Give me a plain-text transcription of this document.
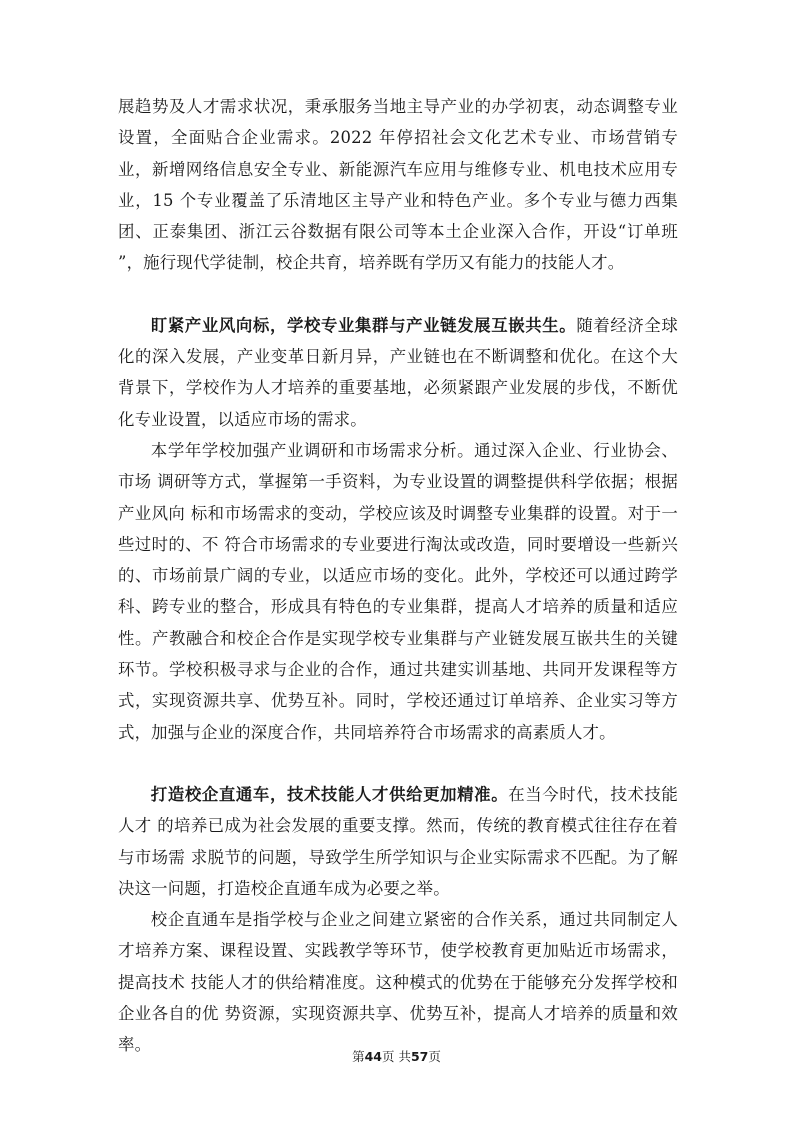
展趋势及人才需求状况，秉承服务当地主导产业的办学初衷，动态调整专业设置，全面贴合企业需求。2022 年停招社会文化艺术专业、市场营销专业，新增网络信息安全专业、新能源汽车应用与维修专业、机电技术应用专业，15 个专业覆盖了乐清地区主导产业和特色产业。多个专业与德力西集团、正泰集团、浙江云谷数据有限公司等本土企业深入合作，开设“订单班 ”，施行现代学徒制，校企共育，培养既有学历又有能力的技能人才。

盯紧产业风向标，学校专业集群与产业链发展互嵌共生。随着经济全球化的深入发展，产业变革日新月异，产业链也在不断调整和优化。在这个大背景下，学校作为人才培养的重要基地，必须紧跟产业发展的步伐，不断优化专业设置，以适应市场的需求。

本学年学校加强产业调研和市场需求分析。通过深入企业、行业协会、市场 调研等方式，掌握第一手资料，为专业设置的调整提供科学依据；根据产业风向 标和市场需求的变动，学校应该及时调整专业集群的设置。对于一些过时的、不 符合市场需求的专业要进行淘汰或改造，同时要增设一些新兴的、市场前景广阔的专业，以适应市场的变化。此外，学校还可以通过跨学科、跨专业的整合，形成具有特色的专业集群，提高人才培养的质量和适应性。产教融合和校企合作是实现学校专业集群与产业链发展互嵌共生的关键环节。学校积极寻求与企业的合作，通过共建实训基地、共同开发课程等方式，实现资源共享、优势互补。同时，学校还通过订单培养、企业实习等方式，加强与企业的深度合作，共同培养符合市场需求的高素质人才。

打造校企直通车，技术技能人才供给更加精准。在当今时代，技术技能人才 的培养已成为社会发展的重要支撑。然而，传统的教育模式往往存在着与市场需 求脱节的问题，导致学生所学知识与企业实际需求不匹配。为了解决这一问题，打造校企直通车成为必要之举。

校企直通车是指学校与企业之间建立紧密的合作关系，通过共同制定人才培养方案、课程设置、实践教学等环节，使学校教育更加贴近市场需求，提高技术 技能人才的供给精准度。这种模式的优势在于能够充分发挥学校和企业各自的优 势资源，实现资源共享、优势互补，提高人才培养的质量和效率。

第44页 共57页
